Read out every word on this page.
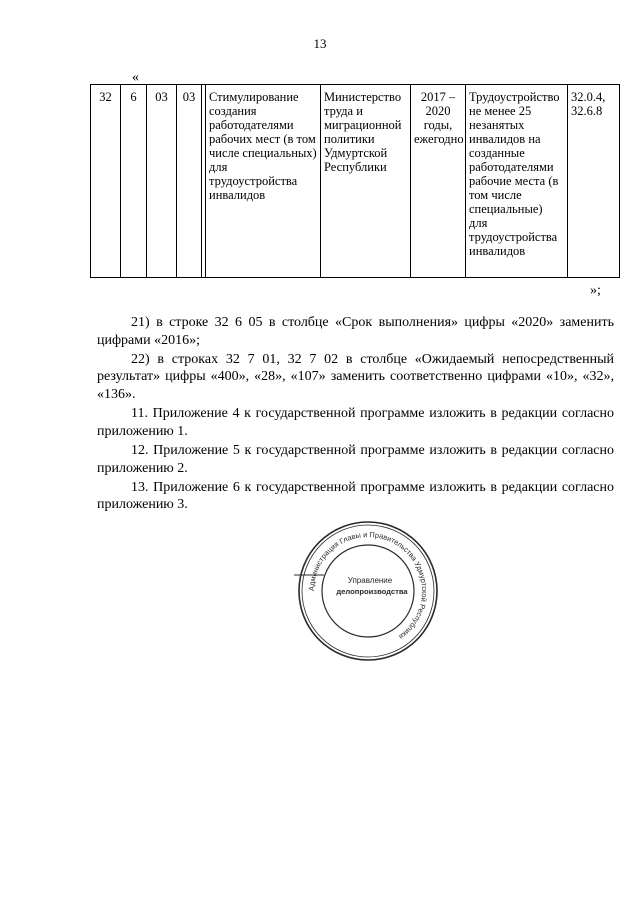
13
«
32	6	03	03		Стимулирование создания работодателями рабочих мест (в том числе специальных) для трудоустройства инвалидов	Министерство труда и миграционной политики Удмуртской Республики	2017 – 2020 годы, ежегодно	Трудоустройство не менее 25 незанятых инвалидов на созданные работодателями рабочие места (в том числе специальные) для трудоустройства инвалидов	32.0.4, 32.6.8
»;

21) в строке 32 6 05 в столбце «Срок выполнения» цифры «2020» заменить цифрами «2016»;

22) в строках 32 7 01, 32 7 02 в столбце «Ожидаемый непосредственный результат» цифры «400», «28», «107» заменить соответственно цифрами «10», «32», «136».

11. Приложение 4 к государственной программе изложить в редакции согласно приложению 1.

12. Приложение 5 к государственной программе изложить в редакции согласно приложению 2.

13. Приложение 6 к государственной программе изложить в редакции согласно приложению 3.

Администрация Главы и Правительства Удмуртской Республики
Управление
делопроизводства
